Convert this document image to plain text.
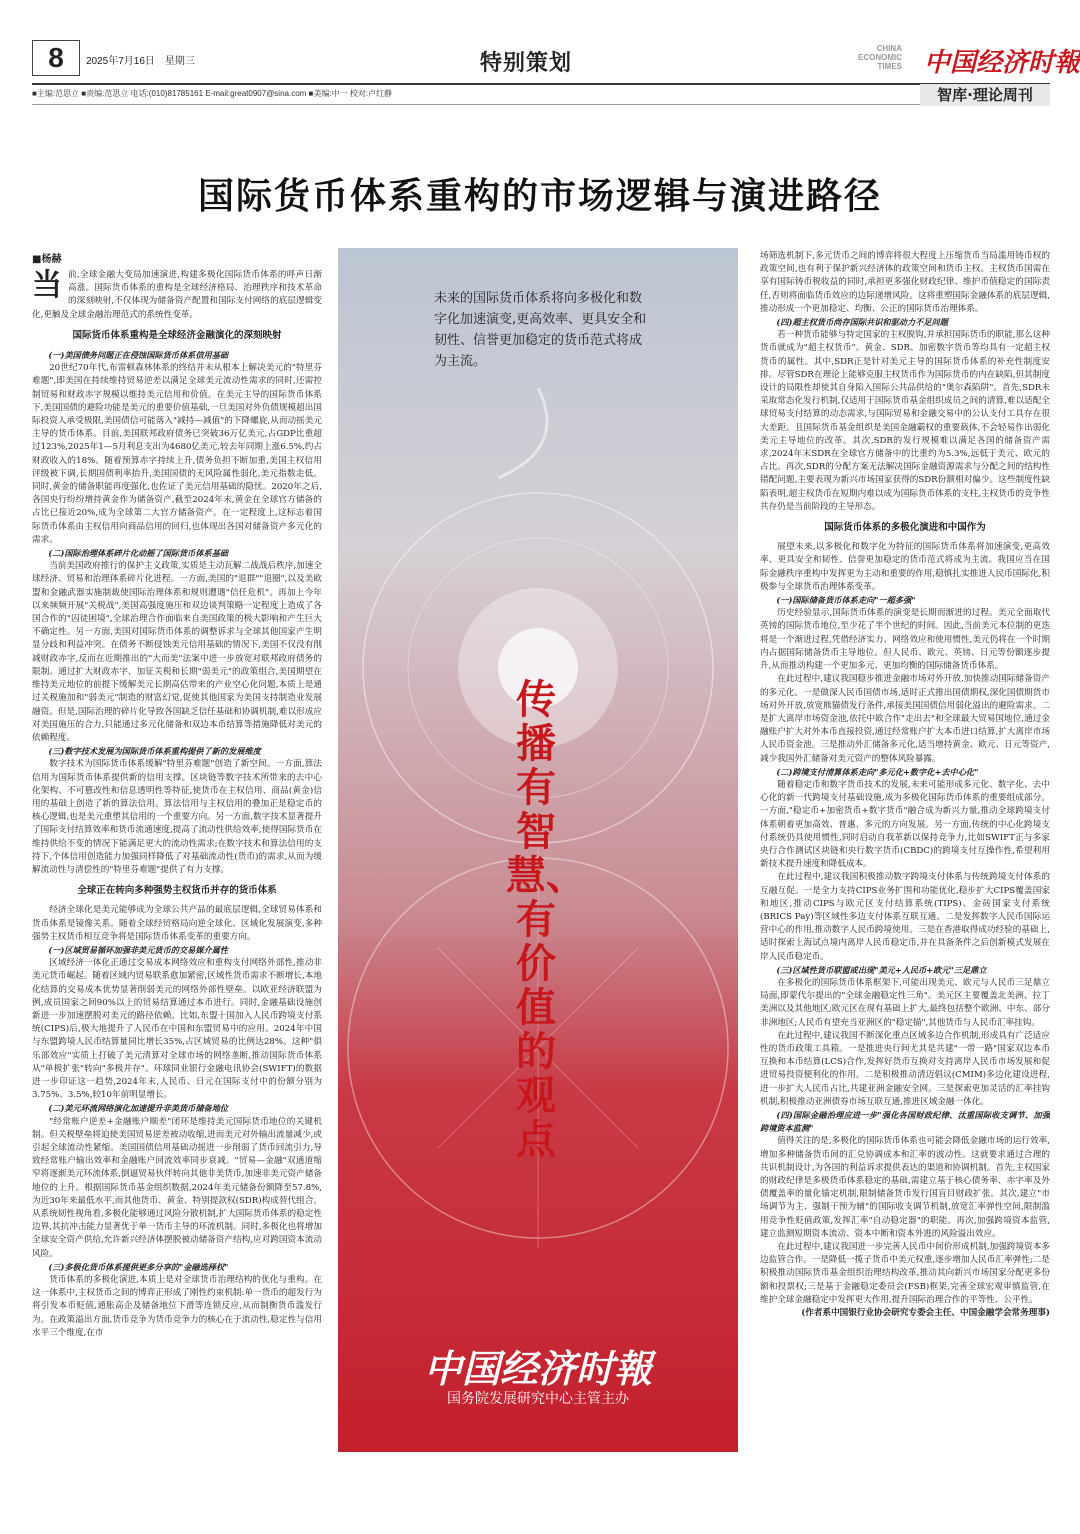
8	2025年7月16日　星期三	特别策划
CHINA
ECONOMIC
TIMES 中国经济时報
■主编:范思立 ■责编:范思立 电话:(010)81785161 E-mail:great0907@sina.com ■美编:中一 校对:卢红静	智库·理论周刊
国际货币体系重构的市场逻辑与演进路径
■杨赫

当前,全球金融大变局加速演进,构建多极化国际货币体系的呼声日渐高涨。国际货币体系的重构是全球经济格局、治理秩序和技术革命的深刻映射,不仅体现为储备资产配置和国际支付网络的底层逻辑变化,更触及全球金融治理范式的系统性变革。

国际货币体系重构是全球经济金融演化的深刻映射

(一)美国债务问题正在侵蚀国际货币体系信用基础

20世纪70年代,布雷顿森林体系的终结并未从根本上解决美元的"特里芬难题",即美国在持续维持贸易逆差以满足全球美元流动性需求的同时,还需控制贸易和财政赤字规模以维持美元信用和价值。在美元主导的国际货币体系下,美国国债的避险功能是美元的重要价值基础,一旦美国对外负债规模超出国际投资人承受极限,美国债信可能落入"减持—减值"的下降螺旋,从而动摇美元主导的货币体系。目前,美国联邦政府债务已突破36万亿美元,占GDP比重超过123%,2025年1—5月利息支出为4680亿美元,较去年同期上涨6.5%,约占财政收入的18%。随着预算赤字持续上升,债务负担不断加重,美国主权信用评级被下调,长期国债利率抬升,美国国债的无风险属性弱化,美元指数走低。同时,黄金的储备职能再度强化,也佐证了美元信用基础的隐忧。2020年之后,各国央行纷纷增持黄金作为储备资产,截至2024年末,黄金在全球官方储备的占比已接近20%,成为全球第二大官方储备资产。在一定程度上,这标志着国际货币体系由主权信用向商品信用的回归,也体现出各国对储备资产多元化的需求。

(二)国际治理体系碎片化动摇了国际货币体系基础

当前美国政府推行的保护主义政策,实质是主动瓦解二战战后秩序,加速全球经济、贸易和治理体系碎片化进程。一方面,美国的"退群""退圈",以及美欧盟和金融武器实施制裁使国际治理体系和规则遭遇"信任危机"。再加上今年以来频频开展"关税战",美国高强度施压和双边谈判策略一定程度上造成了各国合作的"囚徒困境",全球治理合作面临来自美国政策的极大影响和产生巨大不确定性。另一方面,美国对国际货币体系的调整诉求与全球其他国家产生明显分歧和利益冲突。在债务不断侵蚀美元信用基础的情况下,美国不仅没有削减财政赤字,反而在近期推出的"大而美"法案中进一步放宽对联邦政府债务的限制。通过扩大财政赤字、加征关税和长期"弱美元"的政策组合,美国期望在维持美元地位的前提下缓解美元长期高估带来的产业空心化问题,本质上是通过关税施加和"弱美元"制造的财富幻觉,促使其他国家为美国支持制造业发展融资。但是,国际治理的碎片化导致各国缺乏信任基础和协调机制,难以形成应对美国施压的合力,只能通过多元化储备和双边本币结算等措施降低对美元的依赖程度。

(三)数字技术发展为国际货币体系重构提供了新的发展维度

数字技术为国际货币体系缓解"特里芬难题"创造了新空间。一方面,算法信用为国际货币体系提供新的信用支撑。区块链等数字技术所带来的去中心化架构、不可篡改性和信息透明性等特征,使货币在主权信用、商品(黄金)信用的基础上创造了新的算法信用。算法信用与主权信用的叠加正是稳定币的核心逻辑,也是美元重塑其信用的一个重要方向。另一方面,数字技术显著提升了国际支付结算效率和货币流通速度,提高了流动性供给效率,使得国际货币在维持供给不变的情况下能满足更大的流动性需求;在数字技术和算法信用的支持下,个体信用创造能力加强同样降低了对基础流动性(货币)的需求,从而为缓解流动性与清偿性的"特里芬难题"提供了有力支撑。

全球正在转向多种强势主权货币并存的货币体系

经济全球化是美元能够成为全球公共产品的最底层逻辑,全球贸易体系和货币体系是镜像关系。随着全球经贸格局向逆全球化、区域化发展演变,多种强势主权货币相互竞争将是国际货币体系变革的重要方向。

(一)区域贸易循环加强非美元货币的交易媒介属性

区域经济一体化正通过交易成本网络效应和重构支付网络外部性,推动非美元货币崛起。随着区域内贸易联系愈加紧密,区域性货币需求不断增长,本地化结算的交易成本优势显著削弱美元的网络外部性壁垒。以欧亚经济联盟为例,成员国家之间90%以上的贸易结算通过本币进行。同时,金融基础设施创新进一步加速摆脱对美元的路径依赖。比如,东盟十国加入人民币跨境支付系统(CIPS)后,极大地提升了人民币在中国和东盟贸易中的应用。2024年中国与东盟跨境人民币结算量同比增长35%,占区域贸易的比例达28%。这种"俱乐部效应"实质上打破了美元清算对全球市场的网络垄断,推动国际货币体系从"单极扩张"转向"多极并存"。环球同业银行金融电讯协会(SWIFT)的数据进一步印证这一趋势,2024年末,人民币、日元在国际支付中的份额分别为3.75%、3.5%,较10年前明显增长。

(二)美元环流网络演化加速提升非美货币储备地位

"经常账户逆差+金融账户顺差"闭环是维持美元国际货币地位的关键机制。但关税壁垒将迫使美国贸易逆差被动收缩,进而美元对外输出流量减少,或引起全球流动性紧缩。美国国债信用基础动摇进一步削弱了货币回流引力,导致经常账户输出效率和金融账户回流效率同步衰减。"贸易—金融"双通道缩窄将逐渐美元环流体系,倒逼贸易伙伴转向其他非美货币,加速非美元资产储备地位的上升。根据国际货币基金组织数据,2024年美元储备份额降至57.8%,为近30年来最低水平,而其他货币、黄金、特别提款权(SDR)构成替代组合。从系统韧性视角看,多极化能够通过风险分散机制,扩大国际货币体系的稳定性边界,其抗冲击能力显著优于单一货币主导的环流机制。同时,多极化也将增加全球安全资产供给,允许新兴经济体摆脱被动储备资产结构,应对跨国资本流动风险。

(三)多极化货币体系提供更多分享的"金融选择权"

货币体系的多极化演进,本质上是对全球货币治理结构的优化与重构。在这一体系中,主权货币之间的博弈正形成了刚性约束机制:单一货币的超发行为将引发本币贬值,通胀高企及储备地位下滑等连锁反应,从而制衡货币滥发行为。在政策溢出方面,货币竞争为货币竞争力的核心在于流动性,稳定性与信用水平三个维度,在市

未来的国际货币体系将向多极化和数字化加速演变,更高效率、更具安全和韧性、信誉更加稳定的货币范式将成为主流。
传播有智慧、有价值的观点
中国经济时報
国务院发展研究中心主管主办

场筛选机制下,多元货币之间的博弈将很大程度上压缩货币当局滥用铸币权的政策空间,也有利于保护新兴经济体的政策空间和货币主权。主权货币国需在享有国际铸币税收益的同时,承担更多强化财政纪律、维护币值稳定的国际责任,否则将面临货币效应的边际递增风险。这将重塑国际金融体系的底层逻辑,推动形成一个更加稳定、均衡、公正的国际货币治理体系。

(四)超主权货币尚存国际共识和驱动力不足问题

若一种货币能够与特定国家的主权脱钩,并承担国际货币的职能,那么这种货币就成为"超主权货币"。黄金、SDR、加密数字货币等均具有一定超主权货币的属性。其中,SDR正是针对美元主导的国际货币体系的补充性制度安排。尽管SDR在理论上能够克服主权货币作为国际货币的内在缺陷,但其制度设计的局限性却使其自身陷入国际公共品供给的"奥尔森陷阱"。首先,SDR未采取常态化发行机制,仅适用于国际货币基金组织成员之间的清算,难以适配全球贸易支付结算的动态需求,与国际贸易和金融交易中的公认支付工具存在很大差距。且国际货币基金组织是美国金融霸权的重要载体,不会轻易作出弱化美元主导地位的改革。其次,SDR的发行规模难以满足各国的储备资产需求,2024年末SDR在全球官方储备中的比重约为5.3%,远低于美元、欧元的占比。再次,SDR的分配方案无法解决国际金融资源需求与分配之间的结构性错配问题,主要表现为新兴市场国家获得的SDR份额相对偏少。这些制度性缺陷表明,超主权货币在短期内难以成为国际货币体系的支柱,主权货币的竞争性共存仍是当前阶段的主导形态。

国际货币体系的多极化演进和中国作为

展望未来,以多极化和数字化为特征的国际货币体系将加速演变,更高效率、更具安全和韧性、信誉更加稳定的货币范式将成为主流。我国应当在国际金融秩序重构中发挥更为主动和重要的作用,稳慎扎实推进人民币国际化,积极参与全球货币治理体系变革。

(一)国际储备货币体系走向"一超多强"

历史经验显示,国际货币体系的演变是长期而渐进的过程。美元全面取代英镑的国际货币地位,至少花了半个世纪的时间。因此,当前美元本位制的更迭将是一个渐进过程,凭借经济实力、网络效应和使用惯性,美元仍将在一个时期内占据国际储备货币主导地位。但人民币、欧元、英镑、日元等份额逐步提升,从而推动构建一个更加多元、更加均衡的国际储备货币体系。

在此过程中,建议我国稳步推进金融市场对外开放,加快推动国际储备资产的多元化。一是做深人民币国债市场,适时正式推出国债期权,深化国债期货市场对外开放,放宽熊猫债发行条件,承接美国国债信用弱化溢出的避险需求。二是扩大离岸市场资金池,依托中欧合作"走出去"和全球最大贸易国地位,通过金融账户扩大对外本币直接投资,通过经常账户扩大本币进口结算,扩大离岸市场人民币资金池。三是推动外汇储备多元化,适当增持黄金、欧元、日元等资产,减少我国外汇储备对美元资产的整体风险暴露。

(二)跨境支付清算体系走向"多元化+数字化+去中心化"

随着稳定币和数字货币技术的发展,未来可能形成多元化、数字化、去中心化的新一代跨境支付基础设施,成为多极化国际货币体系的重要组成部分。一方面,"稳定币+加密货币+数字货币"融合成为新兴力量,推动全球跨境支付体系朝着更加高效、普惠、多元的方向发展。另一方面,传统的中心化跨境支付系统仍具使用惯性,同时启动自我革新以保持竞争力,比如SWIFT正与多家央行合作测试区块链和央行数字货币(CBDC)的跨境支付互操作性,希望利用新技术提升速度和降低成本。

在此过程中,建议我国积极推动数字跨境支付体系与传统跨境支付体系的互融互促。一是全力支持CIPS业务扩围和功能优化,稳步扩大CIPS覆盖国家和地区,推动CIPS与欧元区支付结算系统(TIPS)、金砖国家支付系统(BRICS Pay)等区域性多边支付体系互联互通。二是发挥数字人民币国际运营中心的作用,推动数字人民币跨境使用。三是在香港取得成功经验的基础上,适时探索上海试点境内离岸人民币稳定币,并在具备条件之后创新模式发展在岸人民币稳定币。

(三)区域性货币联盟或出现"美元+人民币+欧元"三足鼎立

在多极化的国际货币体系框架下,可能出现美元、欧元与人民币三足鼎立局面,即蒙代尔提出的"全球金融稳定性三角"。美元区主要覆盖北美洲、拉丁美洲以及其他地区;欧元区在现有基础上扩大,最终包括整个欧洲、中东、部分非洲地区;人民币有望充当亚洲区的"稳定锚",其他货币与人民币汇率挂钩。

在此过程中,建议我国不断深化重点区域多边合作机制,形成具有广泛适应性的货币政策工具箱。一是推进央行间尤其是共建"一带一路"国家双边本币互换和本币结算(LCS)合作,发挥好货币互换对支持离岸人民币市场发展和促进贸易投资便利化的作用。二是积极推动清迈倡议(CMIM)多边化建设进程,进一步扩大人民币占比,共建亚洲金融安全网。三是探索更加灵活的汇率挂钩机制,积极推动亚洲债券市场互联互通,推进区域金融一体化。

(四)国际金融治理应进一步"强化各国财政纪律、汰重国际收支调节、加强跨境资本监测"

值得关注的是,多极化的国际货币体系也可能会降低金融市场的运行效率,增加多种储备货币间的汇兑协调成本和汇率的波动性。这就要求通过合理的共识机制设计,为各国的利益诉求提供表达的渠道和协调机制。首先,主权国家的财政纪律是多极货币体系稳定的基础,需建立基于核心债务率、赤字率及外债覆盖率的量化锚定机制,限制储备货币发行国盲目财政扩张。其次,建立"市场调节为主、强制干预为辅"的国际收支调节机制,放宽汇率弹性空间,限制滥用竞争性贬值政策,发挥汇率"自动稳定器"的职能。再次,加强跨境资本监管,建立监测短期资本流动、资本中断和资本外逃的风险溢出效应。

在此过程中,建议我国进一步完善人民币中间价形成机制,加强跨境资本多边监管合作。一是降低一揽子货币中美元权重,逐步增加人民币汇率弹性;二是积极推动国际货币基金组织治理结构改革,推动其向新兴市场国家分配更多份额和投票权;三是基于金融稳定委员会(FSB)框架,完善全球宏观审慎监管,在维护全球金融稳定中发挥更大作用,提升国际治理合作的平等性、公平性。

(作者系中国银行业协会研究专委会主任、中国金融学会常务理事)
